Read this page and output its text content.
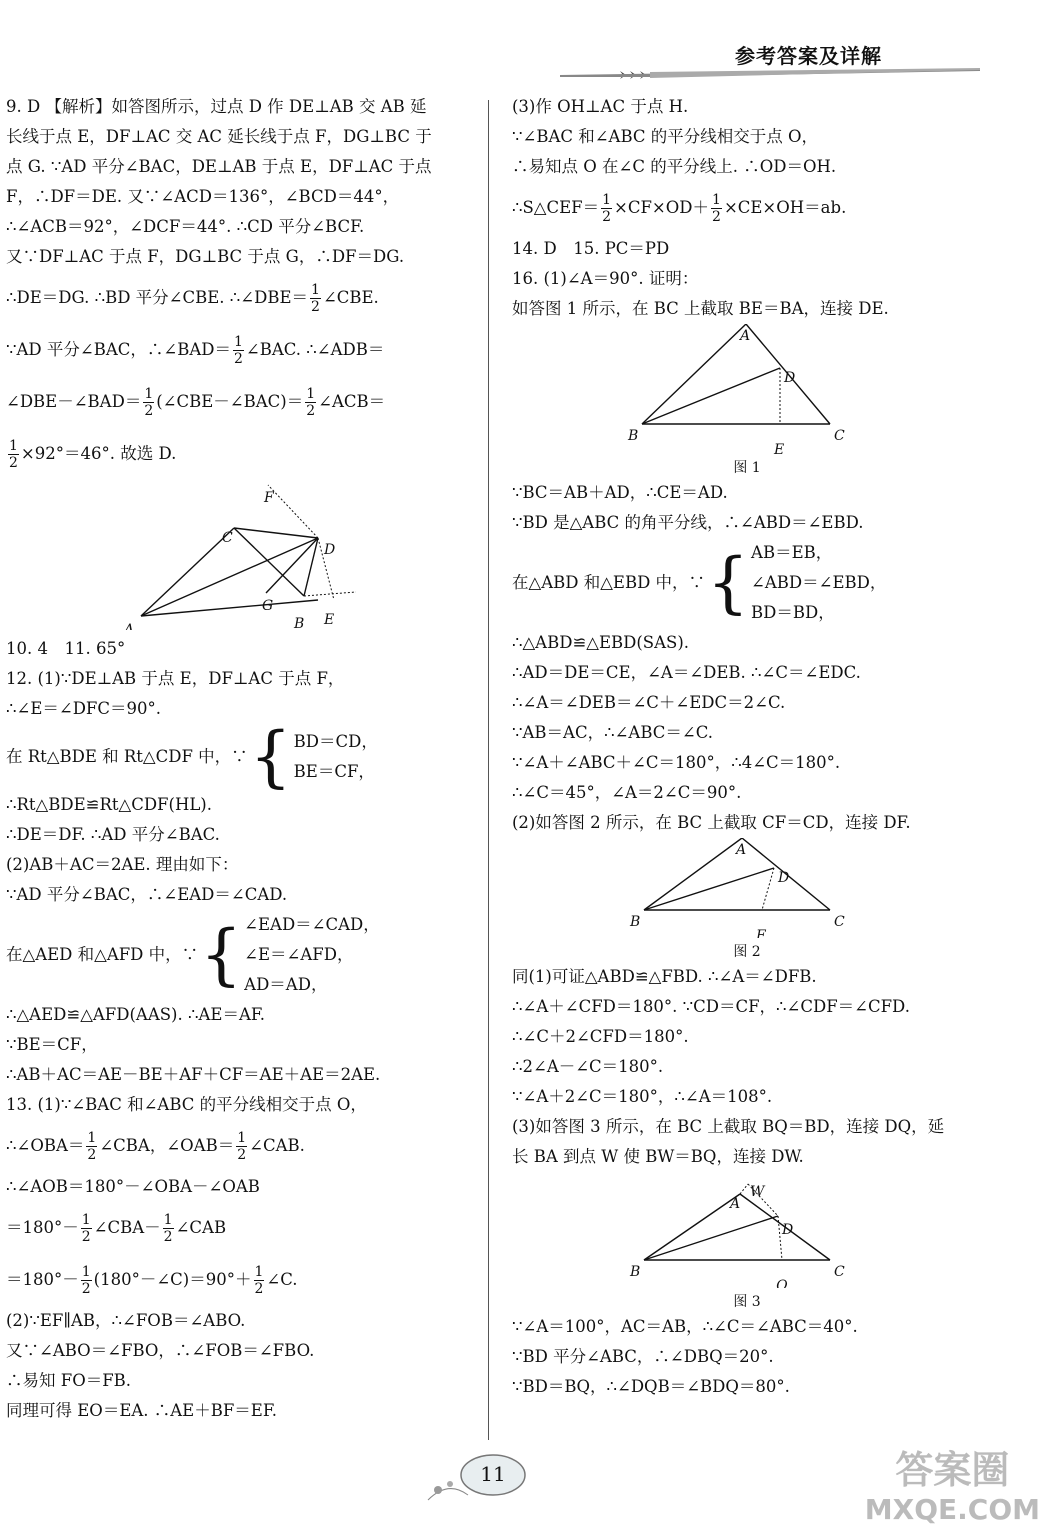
参考答案及详解
9. D 【解析】如答图所示，过点 D 作 DE⊥AB 交 AB 延
长线于点 E，DF⊥AC 交 AC 延长线于点 F，DG⊥BC 于
点 G. ∵AD 平分∠BAC，DE⊥AB 于点 E，DF⊥AC 于点
F，∴DF＝DE. 又∵∠ACD＝136°，∠BCD＝44°，
∴∠ACB＝92°，∠DCF＝44°. ∴CD 平分∠BCF.
又∵DF⊥AC 于点 F，DG⊥BC 于点 G，∴DF＝DG.
∴DE＝DG. ∴BD 平分∠CBE. ∴∠DBE＝ $\frac{1}{2}$ ∠CBE.
∵AD 平分∠BAC，∴∠BAD＝ $\frac{1}{2}$ ∠BAC. ∴∠ADB＝
∠DBE－∠BAD＝ $\frac{1}{2}$ (∠CBE－∠BAC)＝ $\frac{1}{2}$ ∠ACB＝
$\frac{1}{2} \times 92^\circ=46^\circ$. 故选 D.
F
C
D
G
A	B E
10. 4　11. 65°
12. (1)∵DE⊥AB 于点 E，DF⊥AC 于点 F，
∴∠E＝∠DFC＝90°.
在 Rt△BDE 和 Rt△CDF 中，∵ { BD＝CD，
BE＝CF，
∴Rt△BDE≌Rt△CDF(HL).
∴DE＝DF. ∴AD 平分∠BAC.
(2)AB＋AC＝2AE. 理由如下：
∵AD 平分∠BAC，∴∠EAD＝∠CAD.
在△AED 和△AFD 中，∵ { ∠EAD＝∠CAD，
∠E＝∠AFD，
AD＝AD，
∴△AED≌△AFD(AAS). ∴AE＝AF.
∵BE＝CF，
∴AB＋AC＝AE－BE＋AF＋CF＝AE＋AE＝2AE.
13. (1)∵∠BAC 和∠ABC 的平分线相交于点 O，
∴∠OBA＝ $\frac{1}{2}$ ∠CBA，∠OAB＝ $\frac{1}{2}$ ∠CAB.
∴∠AOB＝180°－∠OBA－∠OAB
$=180^\circ- \frac{1}{2}$ ∠CBA－ $\frac{1}{2}$ ∠CAB
$=180^\circ- \frac{1}{2}$ (180°－∠C)＝90°＋ $\frac{1}{2}$ ∠C.
(2)∵EF∥AB，∴∠FOB＝∠ABO.
又∵∠ABO＝∠FBO，∴∠FOB＝∠FBO.
∴易知 FO＝FB.
同理可得 EO＝EA. ∴AE＋BF＝EF.
(3)作 OH⊥AC 于点 H.
∵∠BAC 和∠ABC 的平分线相交于点 O，
∴易知点 O 在∠C 的平分线上. ∴OD＝OH.
∴S△CEF＝ $\frac{1}{2} \times CF\times OD+ \frac{1}{2} \times CE\times OH=ab$.
14. D　15. PC＝PD
16. (1)∠A＝90°. 证明：
如答图 1 所示，在 BC 上截取 BE＝BA，连接 DE.
A
D
B
E
C
图 1
∵BC＝AB＋AD，∴CE＝AD.
∵BD 是△ABC 的角平分线，∴∠ABD＝∠EBD.
在△ABD 和△EBD 中，∵ { AB＝EB，
∠ABD＝∠EBD，
BD＝BD，
∴△ABD≌△EBD(SAS).
∴AD＝DE＝CE，∠A＝∠DEB. ∴∠C＝∠EDC.
∴∠A＝∠DEB＝∠C＋∠EDC＝2∠C.
∵AB＝AC，∴∠ABC＝∠C.
∵∠A＋∠ABC＋∠C＝180°，∴4∠C＝180°.
∴∠C＝45°，∠A＝2∠C＝90°.
(2)如答图 2 所示，在 BC 上截取 CF＝CD，连接 DF.
A
D
B
F
C
图 2
同(1)可证△ABD≌△FBD. ∴∠A＝∠DFB.
∴∠A＋∠CFD＝180°. ∵CD＝CF，∴∠CDF＝∠CFD.
∴∠C＋2∠CFD＝180°.
∴2∠A－∠C＝180°.
∵∠A＋2∠C＝180°，∴∠A＝108°.
(3)如答图 3 所示，在 BC 上截取 BQ＝BD，连接 DQ，延
长 BA 到点 W 使 BW＝BQ，连接 DW.
A
W
D
B
Q
C
图 3
∵∠A＝100°，AC＝AB，∴∠C＝∠ABC＝40°.
∵BD 平分∠ABC，∴∠DBQ＝20°.
∵BD＝BQ，∴∠DQB＝∠BDQ＝80°.
11	答案圈
MXQE.COM
